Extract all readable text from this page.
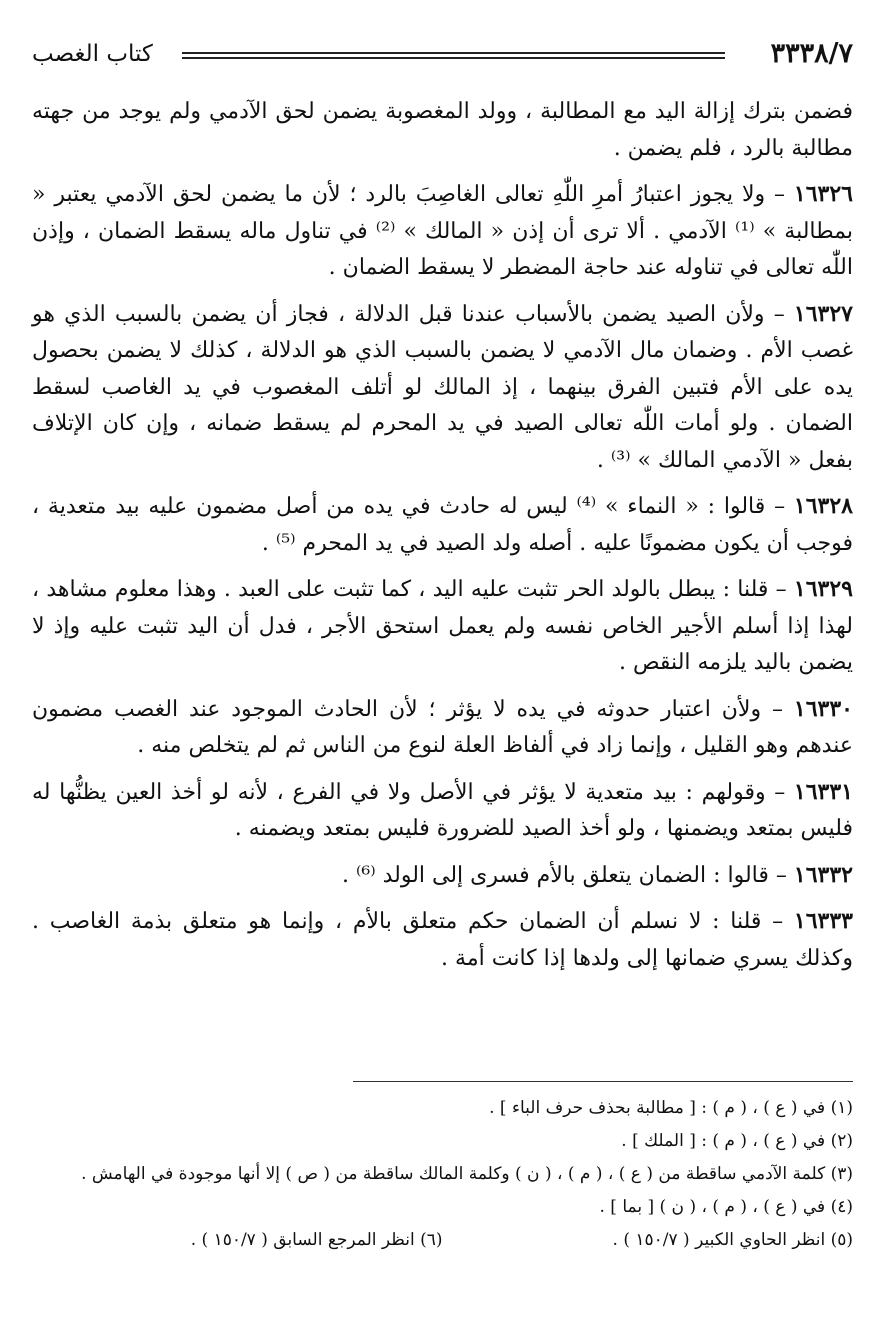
٣٣٣٨/٧
كتاب الغصب

فضمن بترك إزالة اليد مع المطالبة ، وولد المغصوبة يضمن لحق الآدمي ولم يوجد من جهته مطالبة بالرد ، فلم يضمن .

١٦٣٢٦ – ولا يجوز اعتبارُ أمرِ اللّٰهِ تعالى الغاصِبَ بالرد ؛ لأن ما يضمن لحق الآدمي يعتبر « بمطالبة » ⁽¹⁾ الآدمي . ألا ترى أن إذن « المالك » ⁽²⁾ في تناول ماله يسقط الضمان ، وإذن اللّٰه تعالى في تناوله عند حاجة المضطر لا يسقط الضمان .

١٦٣٢٧ – ولأن الصيد يضمن بالأسباب عندنا قبل الدلالة ، فجاز أن يضمن بالسبب الذي هو غصب الأم . وضمان مال الآدمي لا يضمن بالسبب الذي هو الدلالة ، كذلك لا يضمن بحصول يده على الأم فتبين الفرق بينهما ، إذ المالك لو أتلف المغصوب في يد الغاصب لسقط الضمان . ولو أمات اللّٰه تعالى الصيد في يد المحرم لم يسقط ضمانه ، وإن كان الإتلاف بفعل « الآدمي المالك » ⁽³⁾ .

١٦٣٢٨ – قالوا : « النماء » ⁽⁴⁾ ليس له حادث في يده من أصل مضمون عليه بيد متعدية ، فوجب أن يكون مضمونًا عليه . أصله ولد الصيد في يد المحرم ⁽⁵⁾ .

١٦٣٢٩ – قلنا : يبطل بالولد الحر تثبت عليه اليد ، كما تثبت على العبد . وهذا معلوم مشاهد ، لهذا إذا أسلم الأجير الخاص نفسه ولم يعمل استحق الأجر ، فدل أن اليد تثبت عليه وإذ لا يضمن باليد يلزمه النقص .

١٦٣٣٠ – ولأن اعتبار حدوثه في يده لا يؤثر ؛ لأن الحادث الموجود عند الغصب مضمون عندهم وهو القليل ، وإنما زاد في ألفاظ العلة لنوع من الناس ثم لم يتخلص منه .

١٦٣٣١ – وقولهم : بيد متعدية لا يؤثر في الأصل ولا في الفرع ، لأنه لو أخذ العين يظنُّها له فليس بمتعد ويضمنها ، ولو أخذ الصيد للضرورة فليس بمتعد ويضمنه .

١٦٣٣٢ – قالوا : الضمان يتعلق بالأم فسرى إلى الولد ⁽⁶⁾ .

١٦٣٣٣ – قلنا : لا نسلم أن الضمان حكم متعلق بالأم ، وإنما هو متعلق بذمة الغاصب . وكذلك يسري ضمانها إلى ولدها إذا كانت أمة .

(١) في ( ع ) ، ( م ) : [ مطالبة بحذف حرف الباء ] .

(٢) في ( ع ) ، ( م ) : [ الملك ] .

(٣) كلمة الآدمي ساقطة من ( ع ) ، ( م ) ، ( ن ) وكلمة المالك ساقطة من ( ص ) إلا أنها موجودة في الهامش .

(٤) في ( ع ) ، ( م ) ، ( ن ) [ بما ] .
(٥) انظر الحاوي الكبير ( ١٥٠/٧ ) .
(٦) انظر المرجع السابق ( ١٥٠/٧ ) .
